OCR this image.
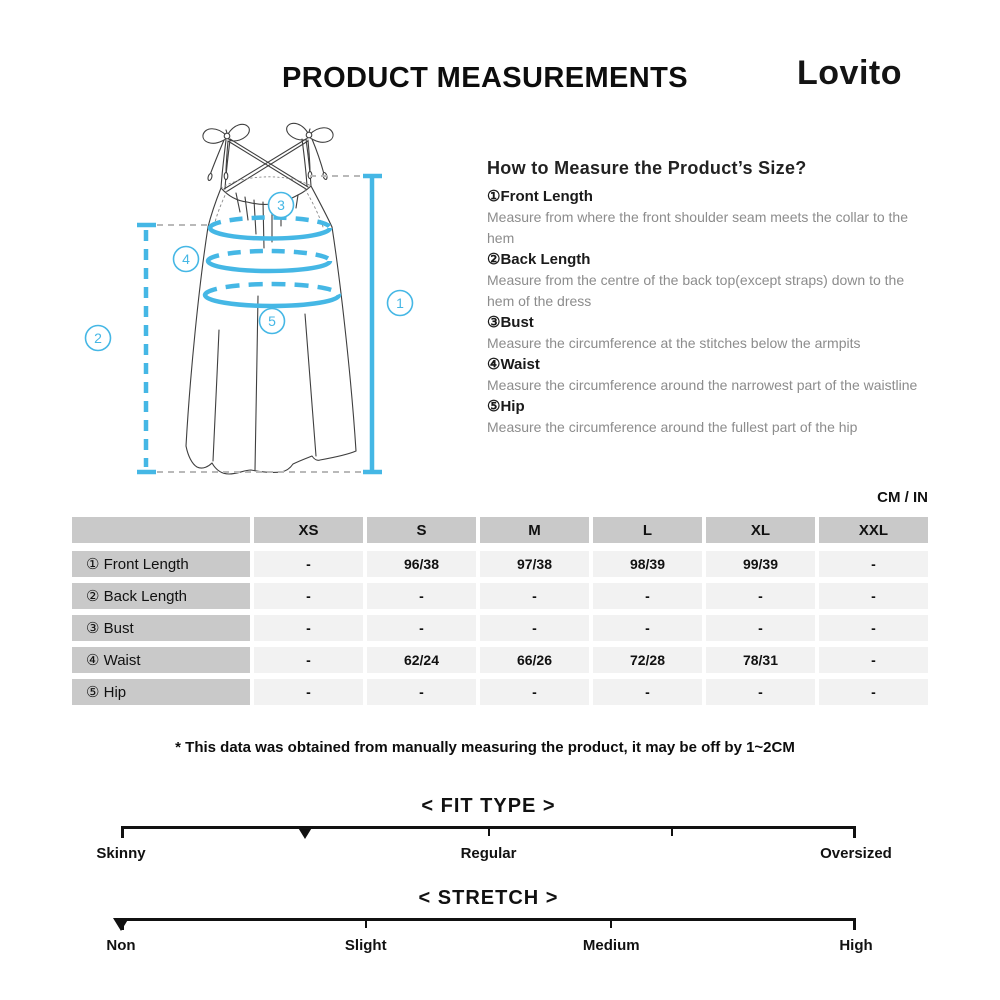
PRODUCT MEASUREMENTS	Lovito
1
2
3
4
5
How to Measure the Product’s Size?
①Front Length
Measure from where the front shoulder seam meets the collar to the hem
②Back Length
Measure from the centre of the back top(except straps) down to the hem of the dress
③Bust
Measure the circumference at the stitches below the armpits
④Waist
Measure the circumference around the narrowest part of the waistline
⑤Hip
Measure the circumference around the fullest part of the hip
CM / IN
XS	S	M	L	XL	XXL
① Front Length	-	96/38	97/38	98/39	99/39	-
② Back Length	-	-	-	-	-	-
③ Bust	-	-	-	-	-	-
④ Waist	-	62/24	66/26	72/28	78/31	-
⑤ Hip	-	-	-	-	-	-
* This data was obtained from manually measuring the product, it may be off by 1~2CM
< FIT TYPE >
Skinny	Regular	Oversized
< STRETCH >
Non	Slight	Medium	High
